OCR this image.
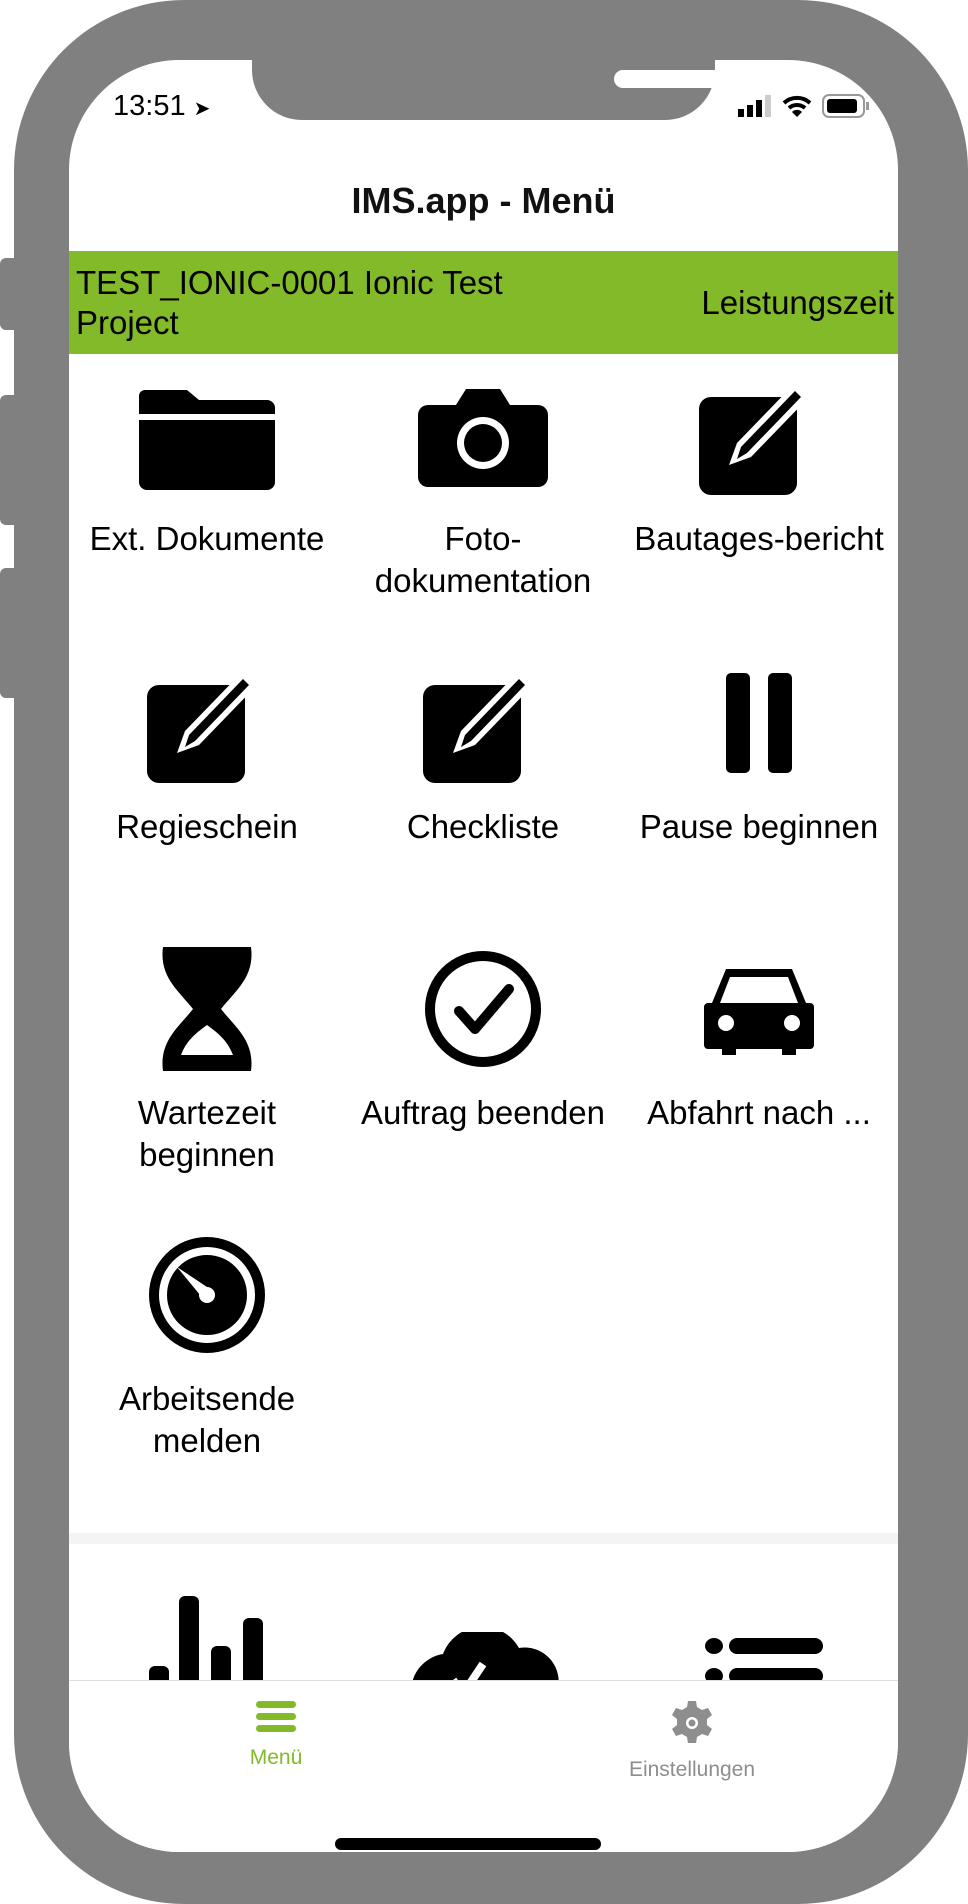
13:51 ➤
IMS.app - Menü
TEST_IONIC-0001 Ionic Test Project
Leistungszeit
Ext. Dokumente	Foto-dokumentation
Bautages-bericht
Regieschein	Checkliste	Pause beginnen
Wartezeit beginnen
Auftrag beenden	Abfahrt nach ...
Arbeitsende melden
Menü
Einstellungen
